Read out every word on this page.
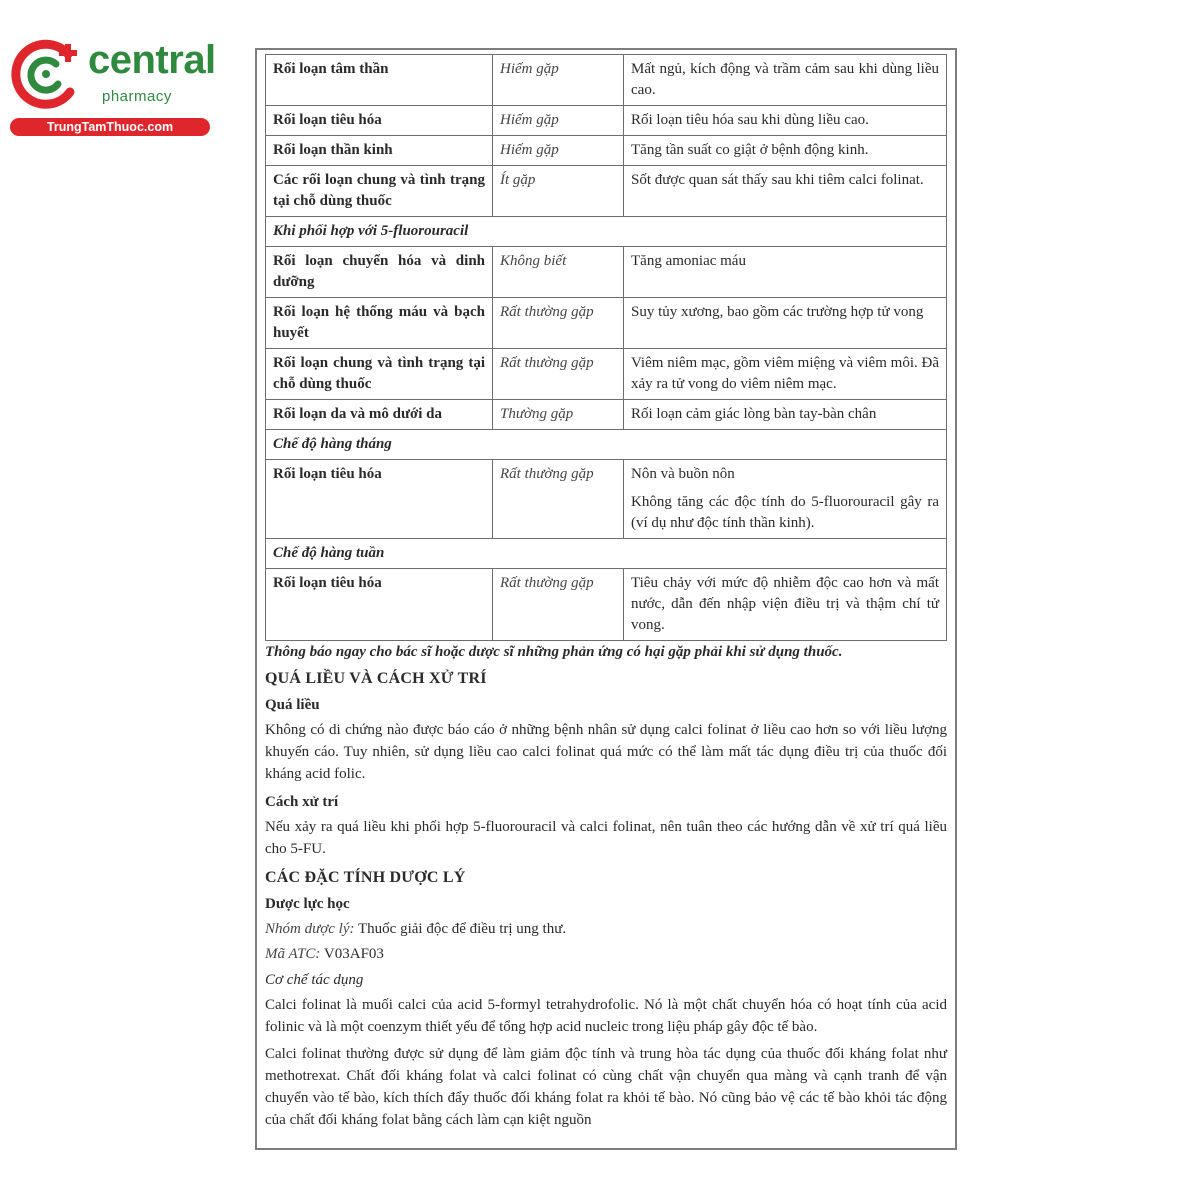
central
pharmacy
TrungTamThuoc.com
Rối loạn tâm thần	Hiếm gặp	Mất ngủ, kích động và trầm cảm sau khi dùng liều cao.
Rối loạn tiêu hóa	Hiếm gặp	Rối loạn tiêu hóa sau khi dùng liều cao.
Rối loạn thần kinh	Hiếm gặp	Tăng tần suất co giật ở bệnh động kinh.
Các rối loạn chung và tình trạng tại chỗ dùng thuốc	Ít gặp	Sốt được quan sát thấy sau khi tiêm calci folinat.
Khi phối hợp với 5-fluorouracil		
Rối loạn chuyển hóa và dinh dưỡng	Không biết	Tăng amoniac máu
Rối loạn hệ thống máu và bạch huyết	Rất thường gặp	Suy tủy xương, bao gồm các trường hợp tử vong
Rối loạn chung và tình trạng tại chỗ dùng thuốc	Rất thường gặp	Viêm niêm mạc, gồm viêm miệng và viêm môi. Đã xảy ra tử vong do viêm niêm mạc.
Rối loạn da và mô dưới da	Thường gặp	Rối loạn cảm giác lòng bàn tay-bàn chân
Chế độ hàng tháng		
Rối loạn tiêu hóa	Rất thường gặp	Nôn và buồn nôn

Không tăng các độc tính do 5-fluorouracil gây ra (ví dụ như độc tính thần kinh).

Chế độ hàng tuần		
Rối loạn tiêu hóa	Rất thường gặp	Tiêu chảy với mức độ nhiễm độc cao hơn và mất nước, dẫn đến nhập viện điều trị và thậm chí tử vong.

Thông báo ngay cho bác sĩ hoặc dược sĩ những phản ứng có hại gặp phải khi sử dụng thuốc.

QUÁ LIỀU VÀ CÁCH XỬ TRÍ
Quá liều

Không có di chứng nào được báo cáo ở những bệnh nhân sử dụng calci folinat ở liều cao hơn so với liều lượng khuyến cáo. Tuy nhiên, sử dụng liều cao calci folinat quá mức có thể làm mất tác dụng điều trị của thuốc đối kháng acid folic.

Cách xử trí

Nếu xảy ra quá liều khi phối hợp 5-fluorouracil và calci folinat, nên tuân theo các hướng dẫn về xử trí quá liều cho 5-FU.

CÁC ĐẶC TÍNH DƯỢC LÝ
Dược lực học

Nhóm dược lý: Thuốc giải độc để điều trị ung thư.

Mã ATC: V03AF03

Cơ chế tác dụng

Calci folinat là muối calci của acid 5-formyl tetrahydrofolic. Nó là một chất chuyển hóa có hoạt tính của acid folinic và là một coenzym thiết yếu để tổng hợp acid nucleic trong liệu pháp gây độc tế bào.

Calci folinat thường được sử dụng để làm giảm độc tính và trung hòa tác dụng của thuốc đối kháng folat như methotrexat. Chất đối kháng folat và calci folinat có cùng chất vận chuyển qua màng và cạnh tranh để vận chuyển vào tế bào, kích thích đẩy thuốc đối kháng folat ra khỏi tế bào. Nó cũng bảo vệ các tế bào khỏi tác động của chất đối kháng folat bằng cách làm cạn kiệt nguồn
